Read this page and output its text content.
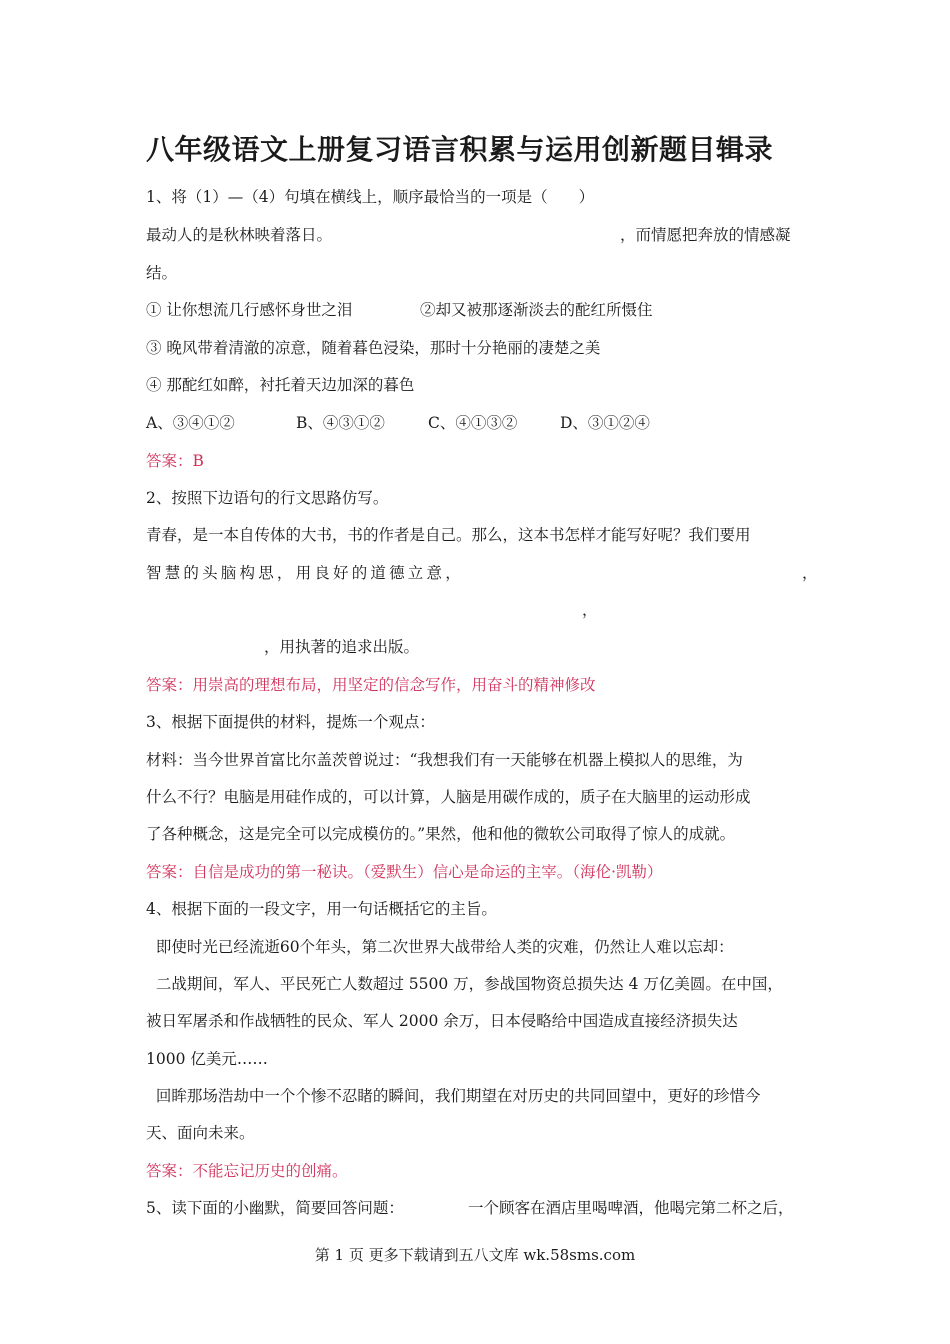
八年级语文上册复习语言积累与运用创新题目辑录
1、将（1）—（4）句填在横线上，顺序最恰当的一项是（　　）
最动人的是秋林映着落日。	，而情愿把奔放的情感凝
结。
① 让你想流几行感怀身世之泪	②却又被那逐渐淡去的酡红所慑住
③ 晚风带着清澈的凉意，随着暮色浸染，那时十分艳丽的凄楚之美
④ 那酡红如醉，衬托着天边加深的暮色
A、③④①②	B、④③①②	C、④①③②	D、③①②④
答案：B
2、按照下边语句的行文思路仿写。
青春，是一本自传体的大书，书的作者是自己。那么，这本书怎样才能写好呢？我们要用
智慧的头脑构思，用良好的道德立意，	，
，
，用执著的追求出版。
答案：用崇高的理想布局，用坚定的信念写作，用奋斗的精神修改
3、根据下面提供的材料，提炼一个观点：
材料：当今世界首富比尔盖茨曾说过：“我想我们有一天能够在机器上模拟人的思维，为
什么不行？电脑是用硅作成的，可以计算，人脑是用碳作成的，质子在大脑里的运动形成
了各种概念，这是完全可以完成模仿的。”果然，他和他的微软公司取得了惊人的成就。
答案：自信是成功的第一秘诀。（爱默生）信心是命运的主宰。（海伦·凯勒）
4、根据下面的一段文字，用一句话概括它的主旨。
即使时光已经流逝60个年头，第二次世界大战带给人类的灾难，仍然让人难以忘却：
二战期间，军人、平民死亡人数超过 5500 万，参战国物资总损失达 4 万亿美圆。在中国，
被日军屠杀和作战牺牲的民众、军人 2000 余万，日本侵略给中国造成直接经济损失达
1000 亿美元……
回眸那场浩劫中一个个惨不忍睹的瞬间，我们期望在对历史的共同回望中，更好的珍惜今
天、面向未来。
答案：不能忘记历史的创痛。
5、读下面的小幽默，简要回答问题：	一个顾客在酒店里喝啤酒，他喝完第二杯之后，
第 1 页 更多下载请到五八文库 wk.58sms.com
